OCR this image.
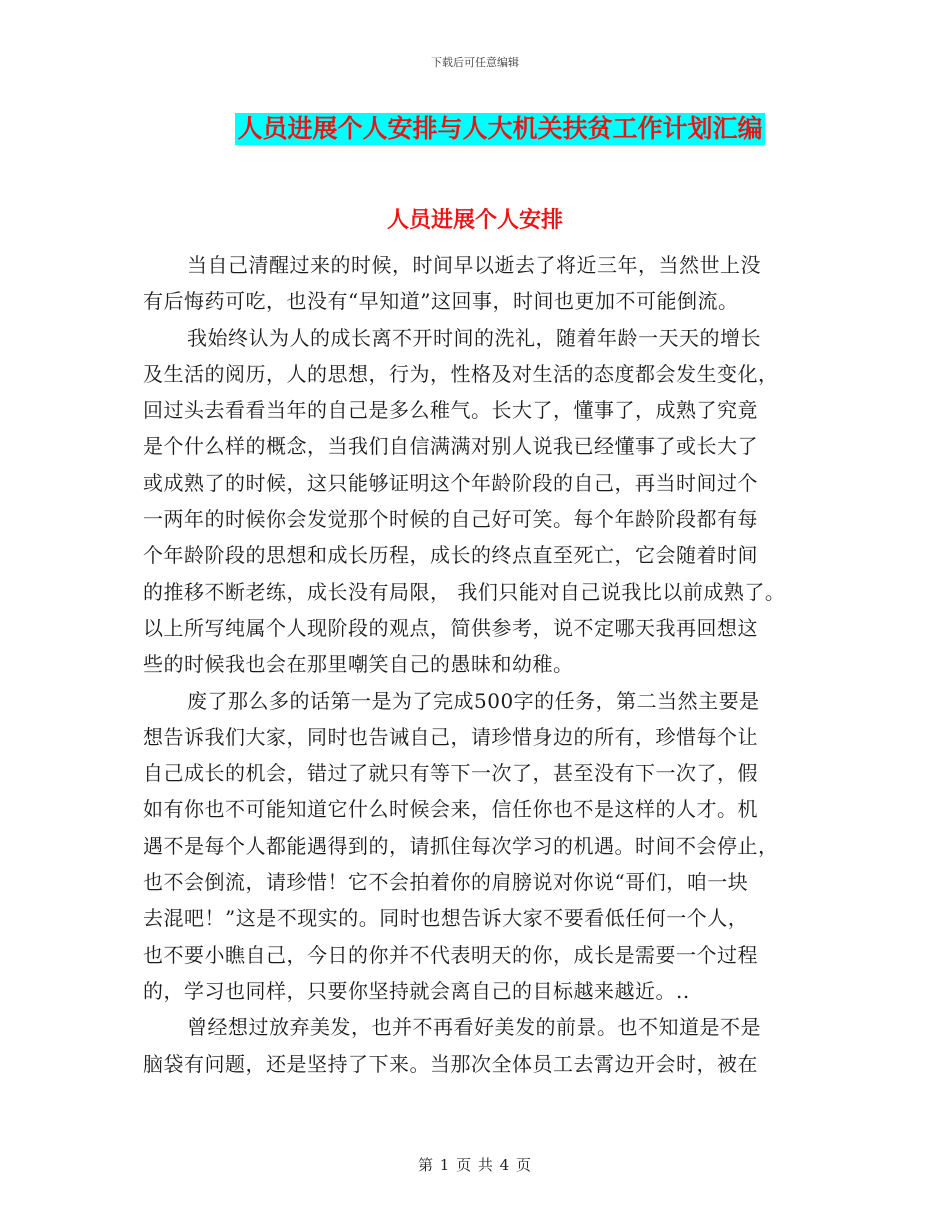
下载后可任意编辑
人员进展个人安排与人大机关扶贫工作计划汇编
人员进展个人安排
当自己清醒过来的时候，时间早以逝去了将近三年，当然世上没
有后悔药可吃，也没有“早知道”这回事，时间也更加不可能倒流。
我始终认为人的成长离不开时间的洗礼，随着年龄一天天的增长
及生活的阅历，人的思想，行为，性格及对生活的态度都会发生变化，
回过头去看看当年的自己是多么稚气。长大了，懂事了，成熟了究竟
是个什么样的概念，当我们自信满满对别人说我已经懂事了或长大了
或成熟了的时候，这只能够证明这个年龄阶段的自己，再当时间过个
一两年的时候你会发觉那个时候的自己好可笑。每个年龄阶段都有每
个年龄阶段的思想和成长历程，成长的终点直至死亡，它会随着时间
的推移不断老练，成长没有局限， 我们只能对自己说我比以前成熟了。
以上所写纯属个人现阶段的观点，简供参考，说不定哪天我再回想这
些的时候我也会在那里嘲笑自己的愚昧和幼稚。
废了那么多的话第一是为了完成500字的任务，第二当然主要是
想告诉我们大家，同时也告诫自己，请珍惜身边的所有，珍惜每个让
自己成长的机会，错过了就只有等下一次了，甚至没有下一次了，假
如有你也不可能知道它什么时候会来，信任你也不是这样的人才。机
遇不是每个人都能遇得到的，请抓住每次学习的机遇。时间不会停止，
也不会倒流，请珍惜！它不会拍着你的肩膀说对你说“哥们，咱一块
去混吧！”这是不现实的。同时也想告诉大家不要看低任何一个人，
也不要小瞧自己，今日的你并不代表明天的你，成长是需要一个过程
的，学习也同样，只要你坚持就会离自己的目标越来越近。..
曾经想过放弃美发，也并不再看好美发的前景。也不知道是不是
脑袋有问题，还是坚持了下来。当那次全体员工去霄边开会时，被在
第 1 页 共 4 页
